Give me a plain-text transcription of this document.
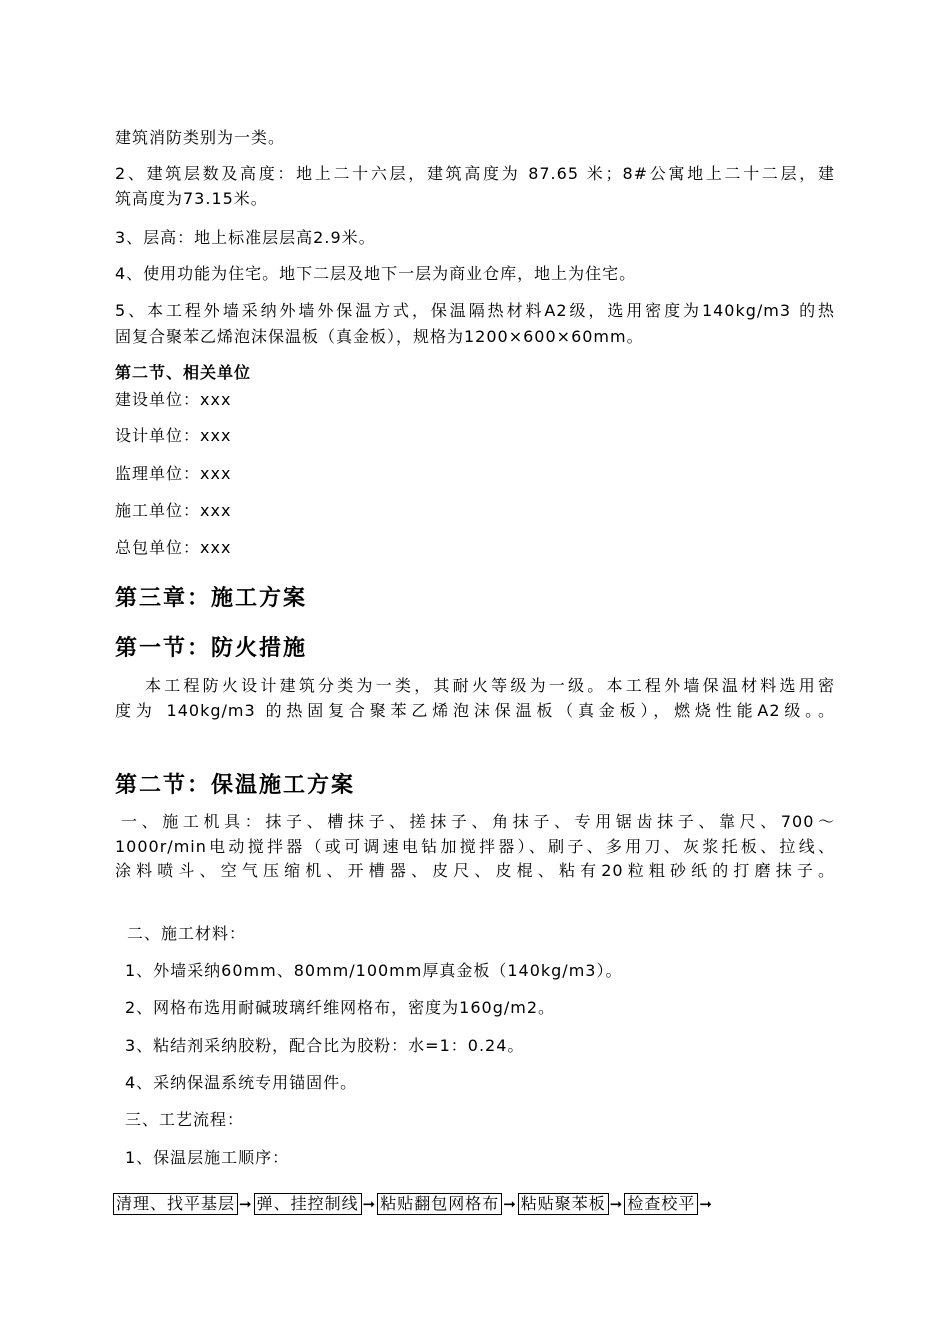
建筑消防类别为一类。
2、建筑层数及高度：地上二十六层，建筑高度为 87.65 米；8#公寓地上二十二层，建
筑高度为73.15米。
3、层高：地上标准层层高2.9米。
4、使用功能为住宅。地下二层及地下一层为商业仓库，地上为住宅。
5、本工程外墙采纳外墙外保温方式，保温隔热材料A2级，选用密度为140kg/m3 的热
固复合聚苯乙烯泡沫保温板（真金板），规格为1200×600×60mm。
第二节、相关单位
建设单位：xxx
设计单位：xxx
监理单位：xxx
施工单位：xxx
总包单位：xxx
第三章：施工方案
第一节：防火措施
本工程防火设计建筑分类为一类，其耐火等级为一级。本工程外墙保温材料选用密
度为 140kg/m3 的热固复合聚苯乙烯泡沫保温板（真金板），燃烧性能A2级。。
第二节：保温施工方案
一、施工机具：抹子、槽抹子、搓抹子、角抹子、专用锯齿抹子、靠尺、700～
1000r/min电动搅拌器（或可调速电钻加搅拌器）、刷子、多用刀、灰浆托板、拉线、
涂料喷斗、空气压缩机、开槽器、皮尺、皮棍、粘有20粒粗砂纸的打磨抹子。
二、施工材料：
1、外墙采纳60mm、80mm/100mm厚真金板（140kg/m3）。
2、网格布选用耐碱玻璃纤维网格布，密度为160g/m2。
3、粘结剂采纳胶粉，配合比为胶粉：水=1：0.24。
4、采纳保温系统专用锚固件。
三、工艺流程：
1、保温层施工顺序：
清理、找平基层 ➞ 弹、挂控制线 ➞ 粘贴翻包网格布 ➞ 粘贴聚苯板 ➞ 检查校平 ➞
